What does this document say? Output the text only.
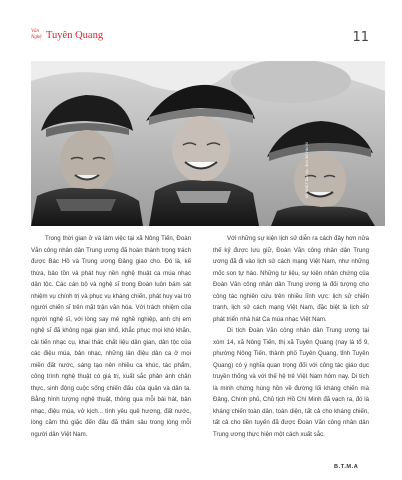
Văn
Nghệ Tuyên Quang	11
Nữ NNDT Dân tộc. Ảnh: Đỗ Hải Vũ

Trong thời gian ở và làm việc tại xã Nông Tiến, Đoàn Văn công nhân dân Trung ương đã hoàn thành trọng trách được Bác Hồ và Trung ương Đảng giao cho. Đó là, kế thừa, bảo tồn và phát huy nền nghệ thuật ca múa nhạc dân tộc. Các cán bộ và nghệ sĩ trong Đoàn luôn bám sát nhiệm vụ chính trị và phục vụ kháng chiến, phát huy vai trò người chiến sĩ trên mặt trận văn hóa. Với trách nhiệm của người nghệ sĩ, với lòng say mê nghề nghiệp, anh chị em nghệ sĩ đã không ngại gian khổ, khắc phục mọi khó khăn, cải tiến nhạc cụ, khai thác chất liệu dân gian, dân tộc của các điệu múa, bản nhạc, những làn điệu dân ca ở mọi miền đất nước, sáng tạo nên nhiều ca khúc, tác phẩm, công trình nghệ thuật có giá trị, xuất sắc phản ánh chân thực, sinh động cuộc sống chiến đấu của quân và dân ta. Bằng hình tượng nghệ thuật, thông qua mỗi bài hát, bản nhạc, điệu múa, vở kịch... tình yêu quê hương, đất nước, lòng căm thù giặc đến đâu đã thấm sâu trong lòng mỗi người dân Việt Nam.

Với những sự kiện lịch sử diễn ra cách đây hơn nửa thế kỷ được lưu giữ, Đoàn Văn công nhân dân Trung ương đã đi vào lịch sử cách mạng Việt Nam, như những mốc son tự hào. Những tư liệu, sự kiện nhân chứng của Đoàn Văn công nhân dân Trung ương là đối tượng cho công tác nghiên cứu trên nhiều lĩnh vực: lịch sử chiến tranh, lịch sử cách mạng Việt Nam, đặc biệt là lịch sử phát triển nhà hát Ca múa nhạc Việt Nam.

Di tích Đoàn Văn công nhân dân Trung ương tại xóm 14, xã Nông Tiến, thị xã Tuyên Quang (nay là tổ 9, phường Nông Tiến, thành phố Tuyên Quang, tỉnh Tuyên Quang) có ý nghĩa quan trọng đối với công tác giáo dục truyền thống và với thế hệ trẻ Việt Nam hôm nay. Di tích là minh chứng hùng hồn về đường lối kháng chiến mà Đảng, Chính phủ, Chủ tịch Hồ Chí Minh đã vạch ra, đó là kháng chiến toàn dân, toàn diện, tất cả cho kháng chiến, tất cả cho tiền tuyến đã được Đoàn Văn công nhân dân Trung ương thực hiện một cách xuất sắc.

B.T.M.A
